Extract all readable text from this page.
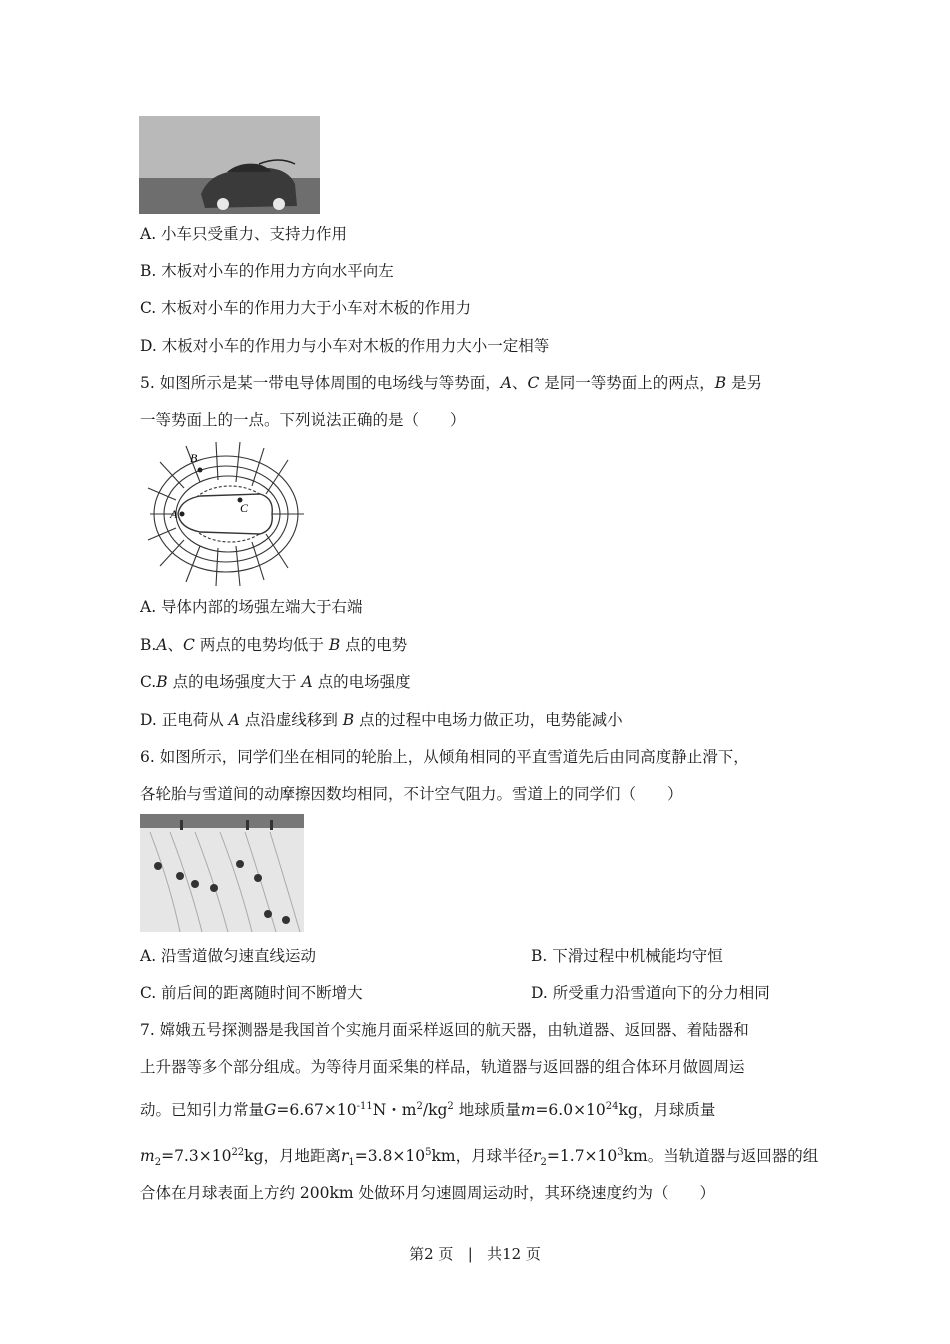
A. 小车只受重力、支持力作用
B. 木板对小车的作用力方向水平向左
C. 木板对小车的作用力大于小车对木板的作用力
D. 木板对小车的作用力与小车对木板的作用力大小一定相等
5. 如图所示是某一带电导体周围的电场线与等势面，A、C 是同一等势面上的两点，B 是另
一等势面上的一点。下列说法正确的是（　　）
B
A	C
A. 导体内部的场强左端大于右端
B.A、C 两点的电势均低于 B 点的电势
C.B 点的电场强度大于 A 点的电场强度
D. 正电荷从 A 点沿虚线移到 B 点的过程中电场力做正功，电势能减小
6. 如图所示，同学们坐在相同的轮胎上，从倾角相同的平直雪道先后由同高度静止滑下，
各轮胎与雪道间的动摩擦因数均相同，不计空气阻力。雪道上的同学们（　　）
A. 沿雪道做匀速直线运动	B. 下滑过程中机械能均守恒
C. 前后间的距离随时间不断增大	D. 所受重力沿雪道向下的分力相同
7. 嫦娥五号探测器是我国首个实施月面采样返回的航天器，由轨道器、返回器、着陆器和
上升器等多个部分组成。为等待月面采集的样品，轨道器与返回器的组合体环月做圆周运
动。已知引力常量$G=6.67\times 10^{-11}N$・$m^2/kg^2$ 地球质量$m=6.0\times 10^{24}kg$，月球质量
$m_2=7.3\times 10^{22}kg$，月地距离$r_1=3.8\times 10^5km$，月球半径$r_2=1.7\times 10^3km$。当轨道器与返回器的组
合体在月球表面上方约 200km 处做环月匀速圆周运动时，其环绕速度约为（　　）
第2 页 | 共12 页
